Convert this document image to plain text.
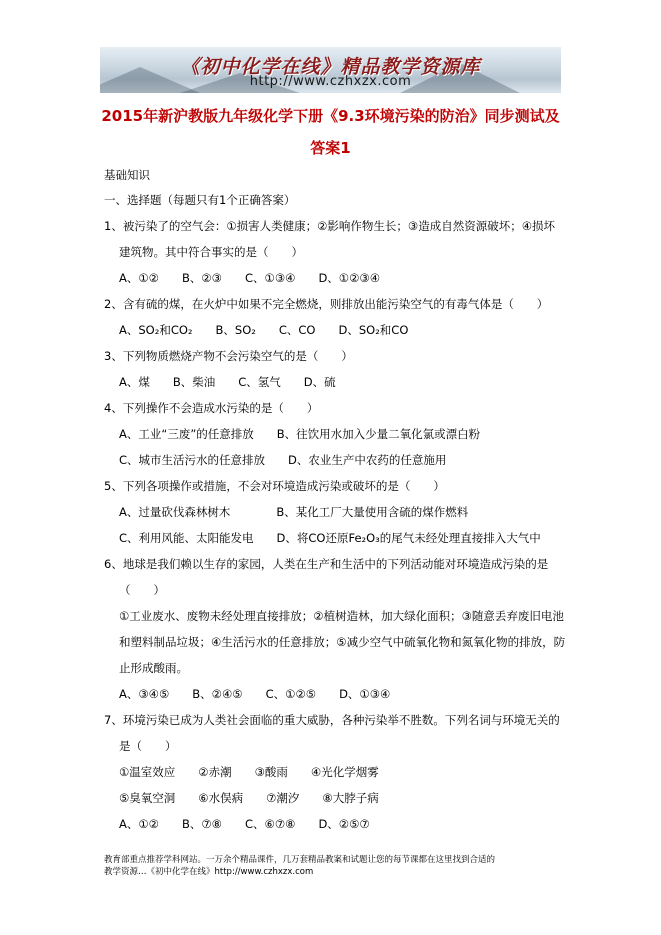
《初中化学在线》精品教学资源库
http://www.czhxzx.com
2015年新沪教版九年级化学下册《9.3环境污染的防治》同步测试及
答案1
基础知识
一、选择题（每题只有1个正确答案）
1、被污染了的空气会：①损害人类健康；②影响作物生长；③造成自然资源破坏；④损坏
建筑物。其中符合事实的是（　　）
A、①②　　B、②③　　C、①③④　　D、①②③④
2、含有硫的煤，在火炉中如果不完全燃烧，则排放出能污染空气的有毒气体是（　　）
A、SO₂和CO₂　　B、SO₂　　C、CO　　D、SO₂和CO
3、下列物质燃烧产物不会污染空气的是（　　）
A、煤　　B、柴油　　C、氢气　　D、硫
4、下列操作不会造成水污染的是（　　）
A、工业“三废”的任意排放　　B、往饮用水加入少量二氧化氯或漂白粉
C、城市生活污水的任意排放　　D、农业生产中农药的任意施用
5、下列各项操作或措施，不会对环境造成污染或破坏的是（　　）
A、过量砍伐森林树木　　　　B、某化工厂大量使用含硫的煤作燃料
C、利用风能、太阳能发电　　D、将CO还原Fe₂O₃的尾气未经处理直接排入大气中
6、地球是我们赖以生存的家园，人类在生产和生活中的下列活动能对环境造成污染的是
（　　）
①工业废水、废物未经处理直接排放；②植树造林，加大绿化面积；③随意丢弃废旧电池
和塑料制品垃圾；④生活污水的任意排放；⑤减少空气中硫氧化物和氮氧化物的排放，防
止形成酸雨。
A、③④⑤　　B、②④⑤　　C、①②⑤　　D、①③④
7、环境污染已成为人类社会面临的重大威胁，各种污染举不胜数。下列名词与环境无关的
是（　　）
①温室效应　　②赤潮　　③酸雨　　④光化学烟雾
⑤臭氧空洞　　⑥水俣病　　⑦潮汐　　⑧大脖子病
A、①②　　B、⑦⑧　　C、⑥⑦⑧　　D、②⑤⑦
教育部重点推荐学科网站。一万余个精品课件，几万套精品教案和试题让您的每节课都在这里找到合适的
教学资源…《初中化学在线》http://www.czhxzx.com
